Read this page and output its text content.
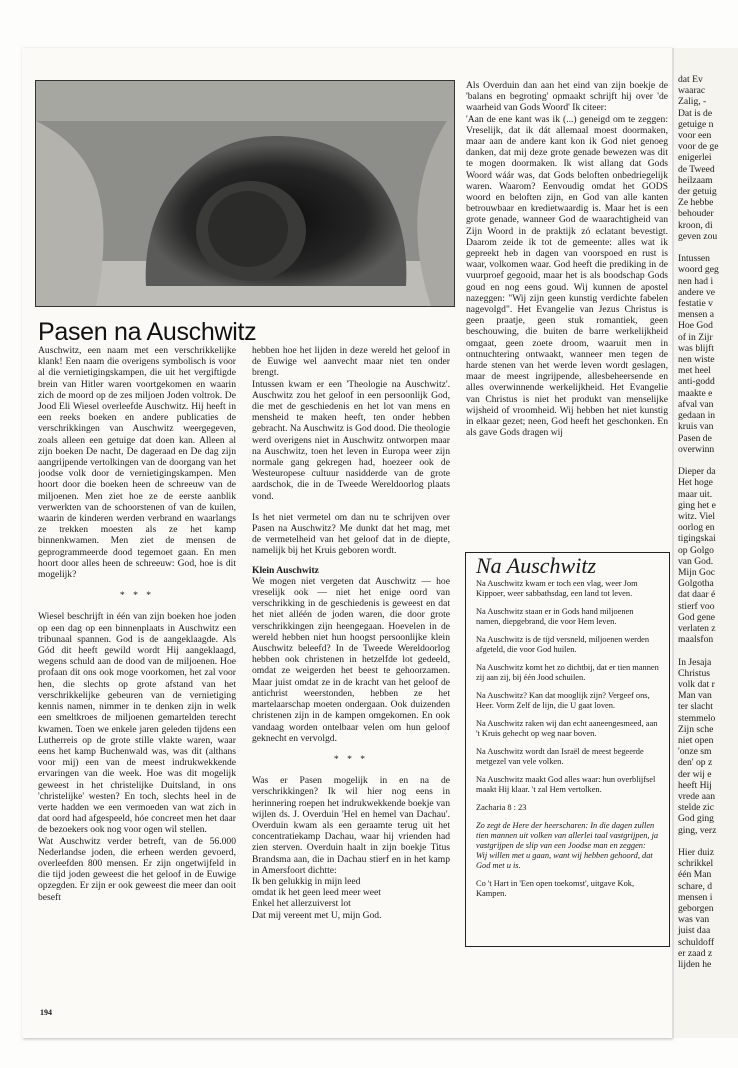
Pasen na Auschwitz

Auschwitz, een naam met een verschrikkelijke klank! Een naam die overigens symbolisch is voor al die vernietigingskampen, die uit het vergiftigde brein van Hitler waren voortgekomen en waarin zich de moord op de zes miljoen Joden voltrok. De Jood Eli Wiesel overleefde Auschwitz. Hij heeft in een reeks boeken en andere publicaties de verschrikkingen van Auschwitz weergegeven, zoals alleen een getuige dat doen kan. Alleen al zijn boeken De nacht, De dageraad en De dag zijn aangrijpende vertolkingen van de doorgang van het joodse volk door de vernietigingskampen. Men hoort door die boeken heen de schreeuw van de miljoenen. Men ziet hoe ze de eerste aanblik verwerkten van de schoorstenen of van de kuilen, waarin de kinderen werden verbrand en waarlangs ze trekken moesten als ze het kamp binnenkwamen. Men ziet de mensen de geprogrammeerde dood tegemoet gaan. En men hoort door alles heen de schreeuw: God, hoe is dit mogelijk?

* * *

Wiesel beschrijft in één van zijn boeken hoe joden op een dag op een binnenplaats in Auschwitz een tribunaal spannen. God is de aangeklaagde. Als Gód dit heeft gewild wordt Hij aangeklaagd, wegens schuld aan de dood van de miljoenen. Hoe profaan dit ons ook moge voorkomen, het zal voor hen, die slechts op grote afstand van het verschrikkelijke gebeuren van de vernietiging kennis namen, nimmer in te denken zijn in welk een smeltkroes de miljoenen gemartelden terecht kwamen. Toen we enkele jaren geleden tijdens een Lutherreis op de grote stille vlakte waren, waar eens het kamp Buchenwald was, was dit (althans voor mij) een van de meest indrukwekkende ervaringen van die week. Hoe was dit mogelijk geweest in het christelijke Duitsland, in ons 'christelijke' westen? En toch, slechts heel in de verte hadden we een vermoeden van wat zich in dat oord had afgespeeld, hóe concreet men het daar de bezoekers ook nog voor ogen wil stellen.

Wat Auschwitz verder betreft, van de 56.000 Nederlandse joden, die erheen werden gevoerd, overleefden 800 mensen. Er zijn ongetwijfeld in die tijd joden geweest die het geloof in de Euwige opzegden. Er zijn er ook geweest die meer dan ooit beseft

hebben hoe het lijden in deze wereld het geloof in de Euwige wel aanvecht maar niet ten onder brengt.

Intussen kwam er een 'Theologie na Auschwitz'. Auschwitz zou het geloof in een persoonlijk God, die met de geschiedenis en het lot van mens en mensheid te maken heeft, ten onder hebben gebracht. Na Auschwitz is God dood. Die theologie werd overigens niet in Auschwitz ontworpen maar na Auschwitz, toen het leven in Europa weer zijn normale gang gekregen had, hoezeer ook de Westeuropese cultuur nasidderde van de grote aardschok, die in de Tweede Wereldoorlog plaats vond.

Is het niet vermetel om dan nu te schrijven over Pasen na Auschwitz? Me dunkt dat het mag, met de vermetelheid van het geloof dat in de diepte, namelijk bij het Kruis geboren wordt.

Klein Auschwitz

We mogen niet vergeten dat Auschwitz — hoe vreselijk ook — niet het enige oord van verschrikking in de geschiedenis is geweest en dat het niet alléén de joden waren, die door grote verschrikkingen zijn heengegaan. Hoevelen in de wereld hebben niet hun hoogst persoonlijke klein Auschwitz beleefd? In de Tweede Wereldoorlog hebben ook christenen in hetzelfde lot gedeeld, omdat ze weigerden het beest te gehoorzamen. Maar juist omdat ze in de kracht van het geloof de antichrist weerstonden, hebben ze het martelaarschap moeten ondergaan. Ook duizenden christenen zijn in de kampen omgekomen. En ook vandaag worden ontelbaar velen om hun geloof geknecht en vervolgd.

* * *

Was er Pasen mogelijk in en na de verschrikkingen? Ik wil hier nog eens in herinnering roepen het indrukwekkende boekje van wijlen ds. J. Overduin 'Hel en hemel van Dachau'. Overduin kwam als een geraamte terug uit het concentratiekamp Dachau, waar hij vrienden had zien sterven. Overduin haalt in zijn boekje Titus Brandsma aan, die in Dachau stierf en in het kamp in Amersfoort dichtte:

Ik ben gelukkig in mijn leed
omdat ik het geen leed meer weet
Enkel het allerzuiverst lot
Dat mij vereent met U, mijn God.

Als Overduin dan aan het eind van zijn boekje de 'balans en begroting' opmaakt schrijft hij over 'de waarheid van Gods Woord' Ik citeer:

'Aan de ene kant was ik (...) geneigd om te zeggen: Vreselijk, dat ik dát allemaal moest doormaken, maar aan de andere kant kon ik God niet genoeg danken, dat mij deze grote genade bewezen was dit te mogen doormaken. Ik wist allang dat Gods Woord wáár was, dat Gods beloften onbedriegelijk waren. Waarom? Eenvoudig omdat het GODS woord en beloften zijn, en God van alle kanten betrouwbaar en kredietwaardig is. Maar het is een grote genade, wanneer God de waarachtigheid van Zijn Woord in de praktijk zó eclatant bevestigt. Daarom zeide ik tot de gemeente: alles wat ik gepreekt heb in dagen van voorspoed en rust is waar, volkomen waar. God heeft die prediking in de vuurproef gegooid, maar het is als boodschap Gods goud en nog eens goud. Wij kunnen de apostel nazeggen: "Wij zijn geen kunstig verdichte fabelen nagevolgd". Het Evangelie van Jezus Christus is geen praatje, geen stuk romantiek, geen beschouwing, die buiten de barre werkelijkheid omgaat, geen zoete droom, waaruit men in ontnuchtering ontwaakt, wanneer men tegen de harde stenen van het werde leven wordt geslagen, maar de meest ingrijpende, allesbeheersende en alles overwinnende werkelijkheid. Het Evangelie van Christus is niet het produkt van menselijke wijsheid of vroomheid. Wij hebben het niet kunstig in elkaar gezet; neen, God heeft het geschonken. En als gave Gods dragen wij

Na Auschwitz

Na Auschwitz kwam er toch een vlag, weer Jom Kippoer, weer sabbathsdag, een land tot leven.

Na Auschwitz staan er in Gods hand miljoenen namen, diepgebrand, die voor Hem leven.

Na Auschwitz is de tijd versneld, miljoenen werden afgeteld, die voor God huilen.

Na Auschwitz komt het zo dichtbij, dat er tien mannen zij aan zij, bij één Jood schuilen.

Na Auschwitz? Kan dat mooglijk zijn? Vergeef ons, Heer. Vorm Zelf de lijn, die U gaat loven.

Na Auschwitz raken wij dan echt aaneengesmeed, aan 't Kruis gehecht op weg naar boven.

Na Auschwitz wordt dan Israël de meest begeerde metgezel van vele volken.

Na Auschwitz maakt God alles waar: hun overblijfsel maakt Hij klaar. 't zal Hem vertolken.

Zacharia 8 : 23

Zo zegt de Here der heerscharen: In die dagen zullen tien mannen uit volken van allerlei taal vastgrijpen, ja vastgrijpen de slip van een Joodse man en zeggen: Wij willen met u gaan, want wij hebben gehoord, dat God met u is.

Co 't Hart in 'Een open toekomst', uitgave Kok, Kampen.

194
dat Ev
waarac
Zalig, -
Dat is de
getuige n
voor een
voor de ge
enigerlei
de Tweed
heilzaam
der getuig
Ze hebbe
behouder
kroon, di
geven zou

Intussen
woord geg
nen had i
andere ve
festatie v
mensen a
Hoe God
of in Zijr
was blijft
nen wiste
met heel
anti-godd
maakte e
afval van
gedaan in
kruis van
Pasen de
overwinn

Dieper da
Het hoge
maar uit.
ging het e
witz. Viel
oorlog en
tigingskai
op Golgo
van God.
Mijn Goc
Golgotha
dat daar é
stierf voo
God gene
verlaten z
maalsfon

In Jesaja
Christus
volk dat r
Man van
ter slacht
stemmelo
Zijn sche
niet open
'onze sm
den' op z
der wij e
heeft Hij
vrede aan
stelde zic
God ging
ging, verz

Hier duiz
schrikkel
één Man
schare, d
mensen i
geborgen
was van
juist daa
schuldoff
er zaad z
lijden he
